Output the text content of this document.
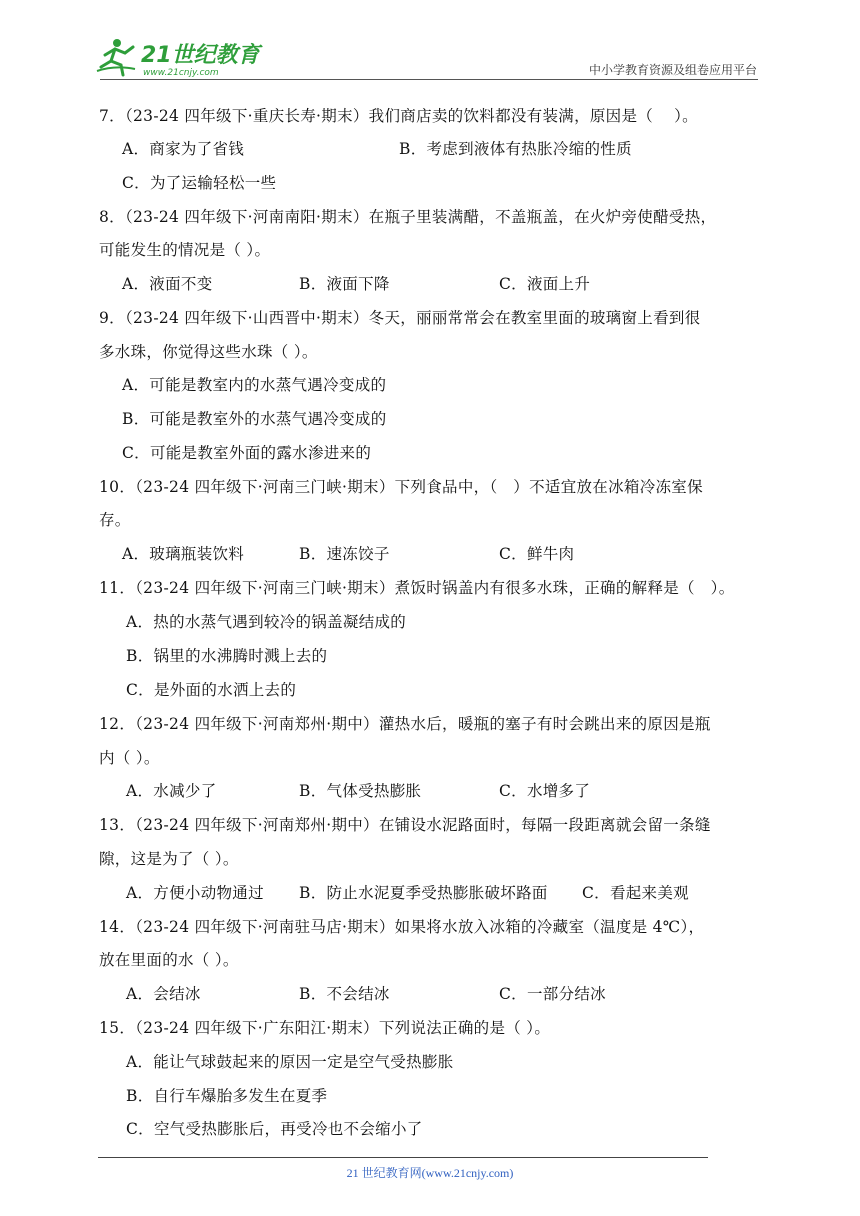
21世纪教育
www.21cnjy.com	中小学教育资源及组卷应用平台
7．（23-24 四年级下·重庆长寿·期末）我们商店卖的饮料都没有装满，原因是（　 ）。
A．商家为了省钱	B．考虑到液体有热胀冷缩的性质
C．为了运输轻松一些
8．（23-24 四年级下·河南南阳·期末）在瓶子里装满醋，不盖瓶盖，在火炉旁使醋受热，
可能发生的情况是（ ）。
A．液面不变	B．液面下降	C．液面上升
9．（23-24 四年级下·山西晋中·期末）冬天，丽丽常常会在教室里面的玻璃窗上看到很
多水珠，你觉得这些水珠（ ）。
A．可能是教室内的水蒸气遇冷变成的
B．可能是教室外的水蒸气遇冷变成的
C．可能是教室外面的露水渗进来的
10．（23-24 四年级下·河南三门峡·期末）下列食品中，（　）不适宜放在冰箱冷冻室保
存。
A．玻璃瓶装饮料	B．速冻饺子	C．鲜牛肉
11．（23-24 四年级下·河南三门峡·期末）煮饭时锅盖内有很多水珠，正确的解释是（　）。
A．热的水蒸气遇到较冷的锅盖凝结成的
B．锅里的水沸腾时溅上去的
C．是外面的水洒上去的
12．（23-24 四年级下·河南郑州·期中）灌热水后，暖瓶的塞子有时会跳出来的原因是瓶
内（ ）。
A．水减少了	B．气体受热膨胀	C．水增多了
13．（23-24 四年级下·河南郑州·期中）在铺设水泥路面时，每隔一段距离就会留一条缝
隙，这是为了（ ）。
A．方便小动物通过 B．防止水泥夏季受热膨胀破坏路面 C．看起来美观
14．（23-24 四年级下·河南驻马店·期末）如果将水放入冰箱的冷藏室（温度是 4℃），
放在里面的水（ ）。
A．会结冰	B．不会结冰	C．一部分结冰
15．（23-24 四年级下·广东阳江·期末）下列说法正确的是（ ）。
A．能让气球鼓起来的原因一定是空气受热膨胀
B．自行车爆胎多发生在夏季
C．空气受热膨胀后，再受冷也不会缩小了
21 世纪教育网(www.21cnjy.com)
